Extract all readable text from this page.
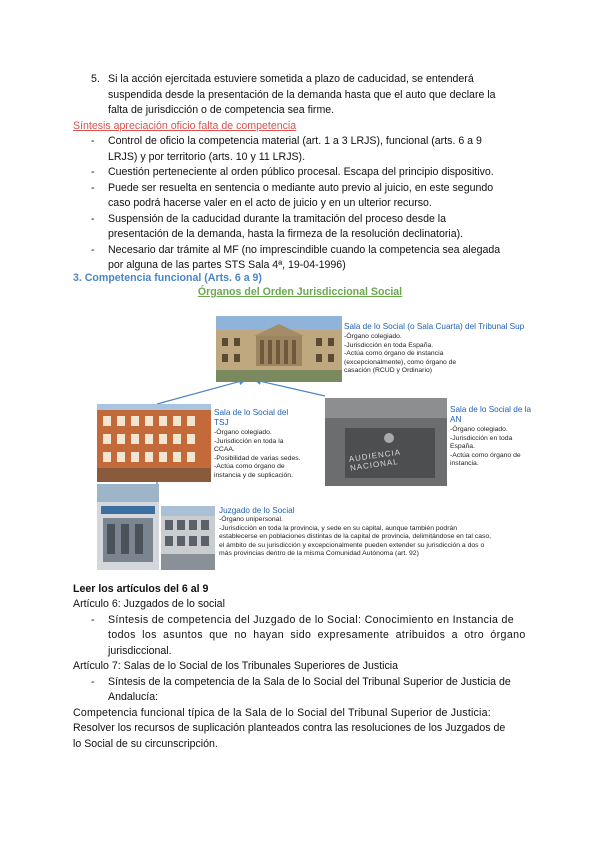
5. Si la acción ejercitada estuviere sometida a plazo de caducidad, se entenderá
suspendida desde la presentación de la demanda hasta que el auto que declare la
falta de jurisdicción o de competencia sea firme.
Síntesis apreciación oficio falta de competencia
- Control de oficio la competencia material (art. 1 a 3 LRJS), funcional (arts. 6 a 9
LRJS) y por territorio (arts. 10 y 11 LRJS).
- Cuestión perteneciente al orden público procesal. Escapa del principio dispositivo.
- Puede ser resuelta en sentencia o mediante auto previo al juicio, en este segundo
caso podrá hacerse valer en el acto de juicio y en un ulterior recurso.
- Suspensión de la caducidad durante la tramitación del proceso desde la
presentación de la demanda, hasta la firmeza de la resolución declinatoria).
- Necesario dar trámite al MF (no imprescindible cuando la competencia sea alegada
por alguna de las partes STS Sala 4ª, 19-04-1996)
3. Competencia funcional (Arts. 6 a 9)
Órganos del Orden Jurisdiccional Social
Sala de lo Social (o Sala Cuarta) del Tribunal Sup
-Órgano colegiado.
-Jurisdicción en toda España.
-Actúa como órgano de instancia
(excepcionalmente), como órgano de
casación (RCUD y Ordinario)
Sala de lo Social del
TSJ
-Órgano colegiado.
-Jurisdicción en toda la
CCAA.
-Posibilidad de varias sedes.
-Actúa como órgano de
instancia y de suplicación.
AUDIENCIA NACIONAL
Sala de lo Social de la
AN
-Órgano colegiado.
-Jurisdicción en toda
España.
-Actúa como órgano de
instancia.
Juzgado de lo Social
-Órgano unipersonal.
-Jurisdicción en toda la provincia, y sede en su capital, aunque también podrán
establecerse en poblaciones distintas de la capital de provincia, delimitándose en tal caso,
el ámbito de su jurisdicción y excepcionalmente pueden extender su jurisdicción a dos o
más provincias dentro de la misma Comunidad Autónoma (art. 92)
Leer los artículos del 6 al 9
Artículo 6: Juzgados de lo social
- Síntesis de competencia del Juzgado de lo Social: Conocimiento en Instancia de
todos los asuntos que no hayan sido expresamente atribuidos a otro órgano
jurisdiccional.
Artículo 7: Salas de lo Social de los Tribunales Superiores de Justicia
- Síntesis de la competencia de la Sala de lo Social del Tribunal Superior de Justicia de
Andalucía:
Competencia funcional típica de la Sala de lo Social del Tribunal Superior de Justicia:
Resolver los recursos de suplicación planteados contra las resoluciones de los Juzgados de
lo Social de su circunscripción.
